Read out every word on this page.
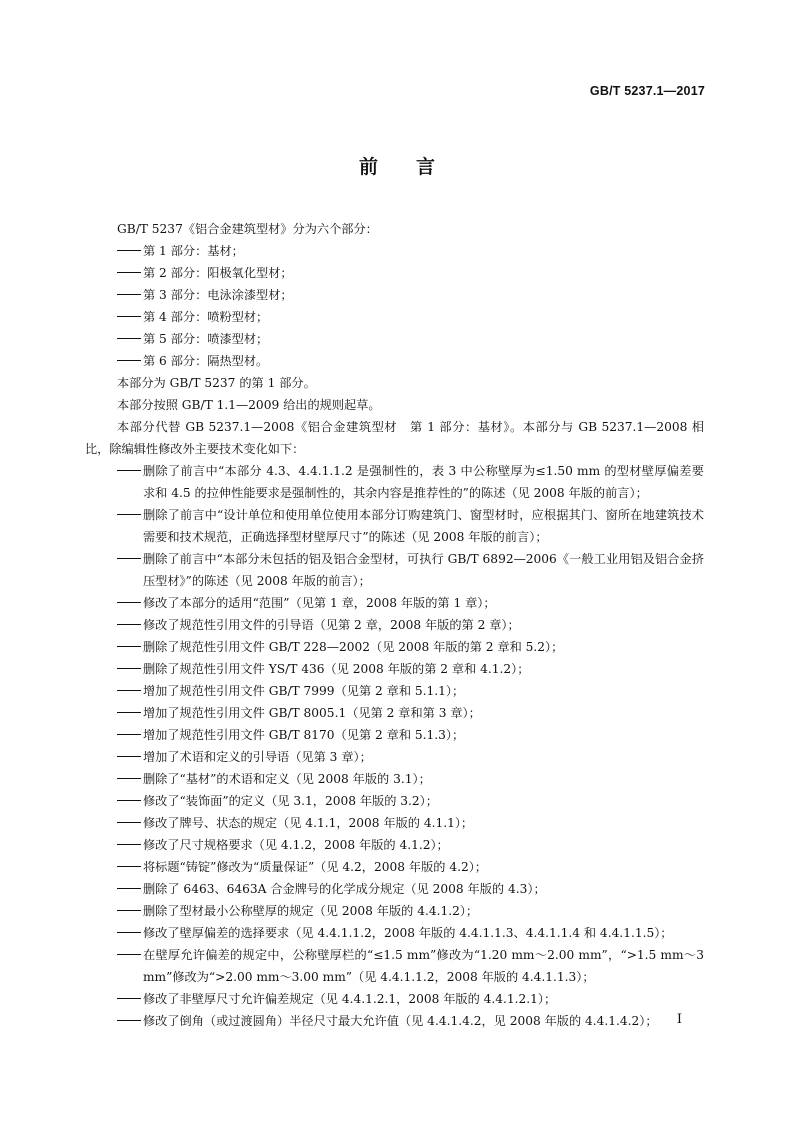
GB/T 5237.1—2017
前言
GB/T 5237《铝合金建筑型材》分为六个部分：
第 1 部分：基材；
第 2 部分：阳极氧化型材；
第 3 部分：电泳涂漆型材；
第 4 部分：喷粉型材；
第 5 部分：喷漆型材；
第 6 部分：隔热型材。
本部分为 GB/T 5237 的第 1 部分。
本部分按照 GB/T 1.1—2009 给出的规则起草。
本部分代替 GB 5237.1—2008《铝合金建筑型材　第 1 部分：基材》。本部分与 GB 5237.1—2008 相比，除编辑性修改外主要技术变化如下：
删除了前言中“本部分 4.3、4.4.1.1.2 是强制性的，表 3 中公称壁厚为≤1.50 mm 的型材壁厚偏差要求和 4.5 的拉伸性能要求是强制性的，其余内容是推荐性的”的陈述（见 2008 年版的前言）；
删除了前言中“设计单位和使用单位使用本部分订购建筑门、窗型材时，应根据其门、窗所在地建筑技术需要和技术规范，正确选择型材壁厚尺寸”的陈述（见 2008 年版的前言）；
删除了前言中“本部分未包括的铝及铝合金型材，可执行 GB/T 6892—2006《一般工业用铝及铝合金挤压型材》”的陈述（见 2008 年版的前言）；
修改了本部分的适用“范围”（见第 1 章，2008 年版的第 1 章）；
修改了规范性引用文件的引导语（见第 2 章，2008 年版的第 2 章）；
删除了规范性引用文件 GB/T 228—2002（见 2008 年版的第 2 章和 5.2）；
删除了规范性引用文件 YS/T 436（见 2008 年版的第 2 章和 4.1.2）；
增加了规范性引用文件 GB/T 7999（见第 2 章和 5.1.1）；
增加了规范性引用文件 GB/T 8005.1（见第 2 章和第 3 章）；
增加了规范性引用文件 GB/T 8170（见第 2 章和 5.1.3）；
增加了术语和定义的引导语（见第 3 章）；
删除了“基材”的术语和定义（见 2008 年版的 3.1）；
修改了“装饰面”的定义（见 3.1，2008 年版的 3.2）；
修改了牌号、状态的规定（见 4.1.1，2008 年版的 4.1.1）；
修改了尺寸规格要求（见 4.1.2，2008 年版的 4.1.2）；
将标题“铸锭”修改为“质量保证”（见 4.2，2008 年版的 4.2）；
删除了 6463、6463A 合金牌号的化学成分规定（见 2008 年版的 4.3）；
删除了型材最小公称壁厚的规定（见 2008 年版的 4.4.1.2）；
修改了壁厚偏差的选择要求（见 4.4.1.1.2，2008 年版的 4.4.1.1.3、4.4.1.1.4 和 4.4.1.1.5）；
在壁厚允许偏差的规定中，公称壁厚栏的“≤1.5 mm”修改为“1.20 mm～2.00 mm”，“>1.5 mm～3 mm”修改为“>2.00 mm～3.00 mm”（见 4.4.1.1.2，2008 年版的 4.4.1.1.3）；
修改了非壁厚尺寸允许偏差规定（见 4.4.1.2.1，2008 年版的 4.4.1.2.1）；
修改了倒角（或过渡圆角）半径尺寸最大允许值（见 4.4.1.4.2，见 2008 年版的 4.4.1.4.2）；	I
